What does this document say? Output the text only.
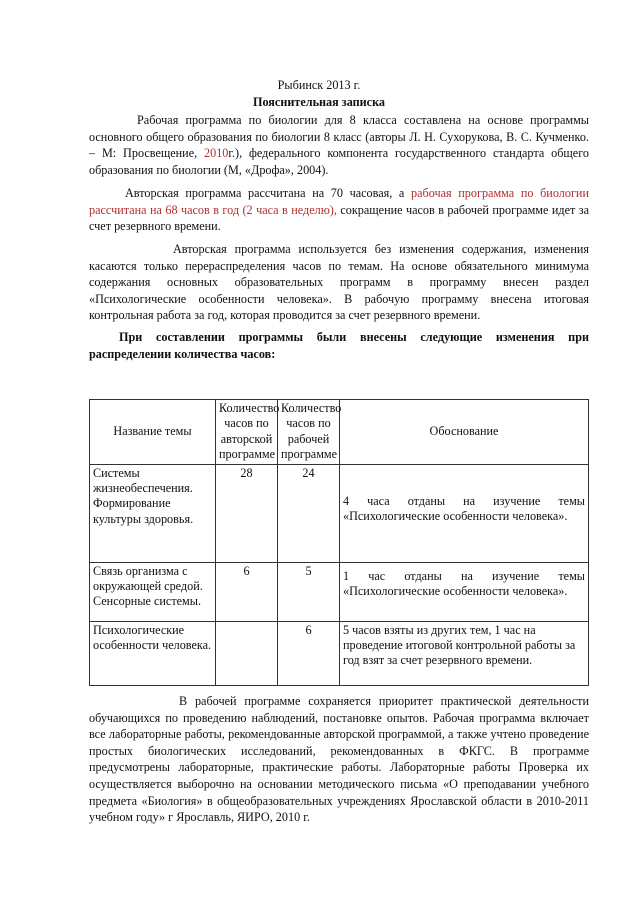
Рыбинск 2013 г.
Пояснительная записка

Рабочая программа по биологии для 8 класса составлена на основе программы основного общего образования по биологии 8 класс (авторы Л. Н. Сухорукова, В. С. Кучменко. – М: Просвещение, 2010г.), федерального компонента государственного стандарта общего образования по биологии (М, «Дрофа», 2004).

Авторская программа рассчитана на 70 часовая, а рабочая программа по биологии рассчитана на 68 часов в год (2 часа в неделю), сокращение часов в рабочей программе идет за счет резервного времени.

Авторская программа используется без изменения содержания, изменения касаются только перераспределения часов по темам. На основе обязательного минимума содержания основных образовательных программ в программу внесен раздел «Психологические особенности человека». В рабочую программу внесена итоговая контрольная работа за год, которая проводится за счет резервного времени.

При составлении программы были внесены следующие изменения при распределении количества часов:

Название темы	Количество часов по авторской программе	Количество часов по рабочей программе	Обоснование
Системы жизнеобеспечения. Формирование культуры здоровья.	28	24	4 часа отданы на изучение темы «Психологические особенности человека».
Связь организма с окружающей средой. Сенсорные системы.	6	5	1 час отданы на изучение темы «Психологические особенности человека».
Психологические особенности человека.		6	5 часов взяты из других тем, 1 час на проведение итоговой контрольной работы за год взят за счет резервного времени.

В рабочей программе сохраняется приоритет практической деятельности обучающихся по проведению наблюдений, постановке опытов. Рабочая программа включает все лабораторные работы, рекомендованные авторской программой, а также учтено проведение простых биологических исследований, рекомендованных в ФКГС. В программе предусмотрены лабораторные, практические работы. Лабораторные работы Проверка их осуществляется выборочно на основании методического письма «О преподавании учебного предмета «Биология» в общеобразовательных учреждениях Ярославской области в 2010-2011 учебном году» г Ярославль, ЯИРО, 2010 г.
